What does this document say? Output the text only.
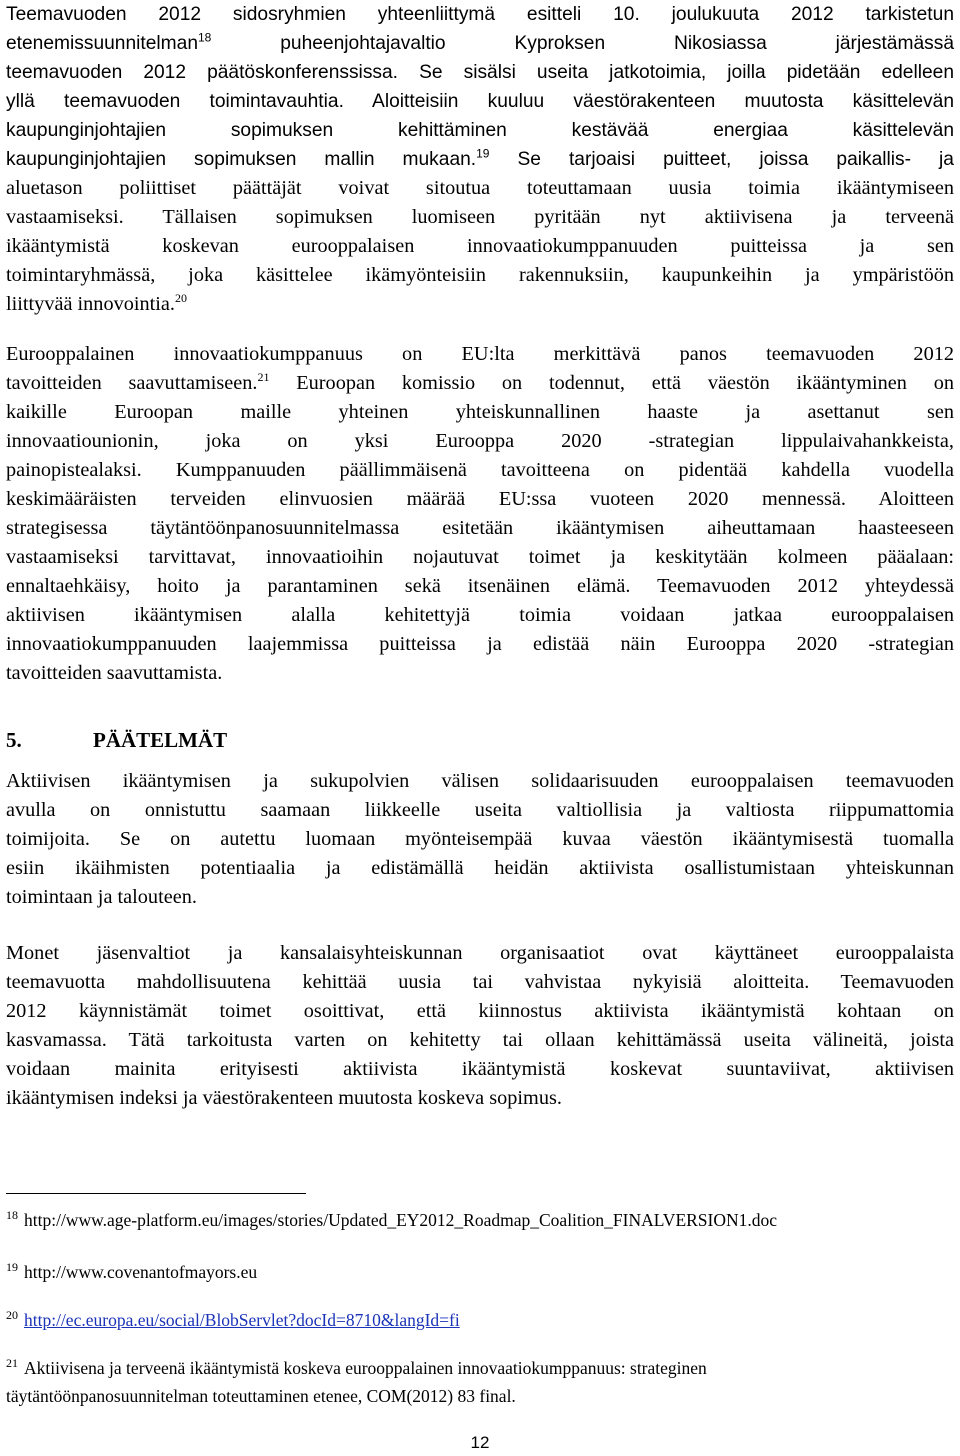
Teemavuoden 2012 sidosryhmien yhteenliittymä esitteli 10. joulukuuta 2012 tarkistetun
etenemissuunnitelman$^{18}$	puheenjohtajavaltio Kyproksen Nikosiassa järjestämässä
teemavuoden 2012 päätöskonferenssissa. Se sisälsi useita jatkotoimia, joilla pidetään edelleen
yllä teemavuoden toimintavauhtia. Aloitteisiin kuuluu väestörakenteen muutosta käsittelevän
kaupunginjohtajien sopimuksen kehittäminen kestävää energiaa käsittelevän
kaupunginjohtajien sopimuksen mallin mukaan.$^{19}$ Se tarjoaisi puitteet, joissa paikallis- ja
aluetason poliittiset päättäjät voivat sitoutua toteuttamaan uusia toimia ikääntymiseen
vastaamiseksi. Tällaisen sopimuksen luomiseen pyritään nyt aktiivisena ja terveenä
ikääntymistä koskevan eurooppalaisen innovaatiokumppanuuden puitteissa ja sen
toimintaryhmässä, joka käsittelee ikämyönteisiin rakennuksiin, kaupunkeihin ja ympäristöön
liittyvää innovointia.$^{20}$
Eurooppalainen innovaatiokumppanuus on EU:lta merkittävä panos teemavuoden 2012
tavoitteiden saavuttamiseen.$^{21}$ Euroopan komissio on todennut, että väestön ikääntyminen on
kaikille Euroopan maille yhteinen yhteiskunnallinen haaste ja asettanut sen
innovaatiounionin, joka on yksi Eurooppa 2020 -strategian lippulaivahankkeista,
painopistealaksi. Kumppanuuden päällimmäisenä tavoitteena on pidentää kahdella vuodella
keskimääräisten terveiden elinvuosien määrää EU:ssa vuoteen 2020 mennessä. Aloitteen
strategisessa täytäntöönpanosuunnitelmassa esitetään ikääntymisen aiheuttamaan haasteeseen
vastaamiseksi tarvittavat, innovaatioihin nojautuvat toimet ja keskitytään kolmeen pääalaan:
ennaltaehkäisy, hoito ja parantaminen sekä itsenäinen elämä. Teemavuoden 2012 yhteydessä
aktiivisen ikääntymisen alalla kehitettyjä toimia voidaan jatkaa eurooppalaisen
innovaatiokumppanuuden laajemmissa puitteissa ja edistää näin Eurooppa 2020 -strategian
tavoitteiden saavuttamista.
5.	PÄÄTELMÄT
Aktiivisen ikääntymisen ja sukupolvien välisen solidaarisuuden eurooppalaisen teemavuoden
avulla on onnistuttu saamaan liikkeelle useita valtiollisia ja valtiosta riippumattomia
toimijoita. Se on autettu luomaan myönteisempää kuvaa väestön ikääntymisestä tuomalla
esiin ikäihmisten potentiaalia ja edistämällä heidän aktiivista osallistumistaan yhteiskunnan
toimintaan ja talouteen.
Monet jäsenvaltiot ja kansalaisyhteiskunnan organisaatiot ovat käyttäneet eurooppalaista
teemavuotta mahdollisuutena kehittää uusia tai vahvistaa nykyisiä aloitteita. Teemavuoden
2012 käynnistämät toimet osoittivat, että kiinnostus aktiivista ikääntymistä kohtaan on
kasvamassa. Tätä tarkoitusta varten on kehitetty tai ollaan kehittämässä useita välineitä, joista
voidaan mainita erityisesti aktiivista ikääntymistä koskevat suuntaviivat, aktiivisen
ikääntymisen indeksi ja väestörakenteen muutosta koskeva sopimus.
$^{18}$ http://www.age-platform.eu/images/stories/Updated_EY2012_Roadmap_Coalition_FINALVERSION1.doc
$^{19}$ http://www.covenantofmayors.eu
$^{20}$ http://ec.europa.eu/social/BlobServlet?docId=8710&langId=fi
$^{21}$ Aktiivisena ja terveenä ikääntymistä koskeva eurooppalainen innovaatiokumppanuus: strateginen
täytäntöönpanosuunnitelman toteuttaminen etenee, COM(2012) 83 final.
12
